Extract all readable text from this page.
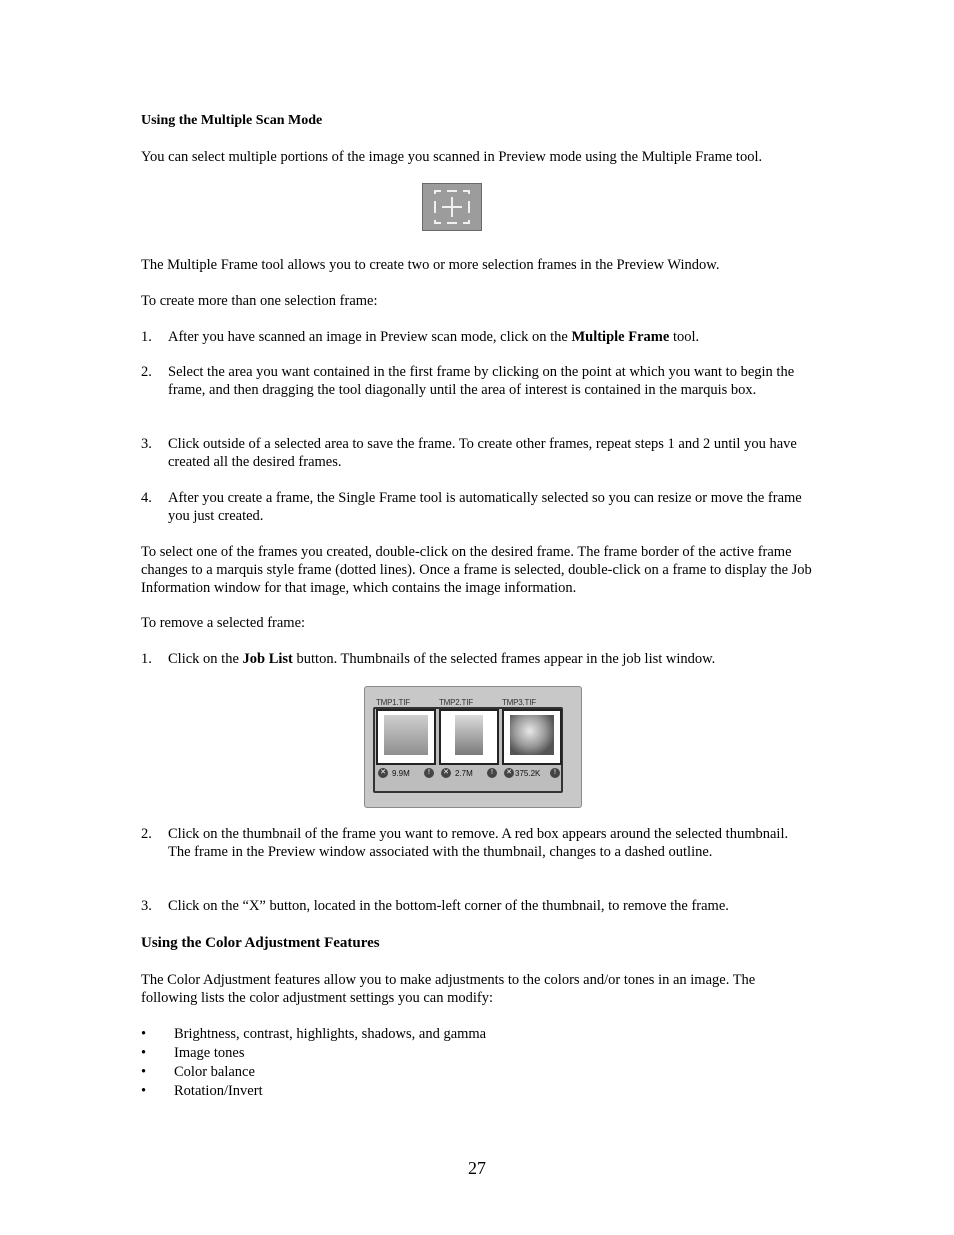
Using the Multiple Scan Mode
You can select multiple portions of the image you scanned in Preview mode using the Multiple Frame tool.
The Multiple Frame tool allows you to create two or more selection frames in the Preview Window.
To create more than one selection frame:
1.	After you have scanned an image in Preview scan mode, click on the Multiple Frame tool.
2.	Select the area you want contained in the first frame by clicking on the point at which you want to begin the frame, and then dragging the tool diagonally until the area of interest is contained in the marquis box.
3.	Click outside of a selected area to save the frame. To create other frames, repeat steps 1 and 2 until you have created all the desired frames.
4.	After you create a frame, the Single Frame tool is automatically selected so you can resize or move the frame you just created.
To select one of the frames you created, double-click on the desired frame. The frame border of the active frame changes to a marquis style frame (dotted lines). Once a frame is selected, double-click on a frame to display the Job Information window for that image, which contains the image information.
To remove a selected frame:
1.	Click on the Job List button. Thumbnails of the selected frames appear in the job list window.
TMP1.TIF	TMP2.TIF	TMP3.TIF
✕ 9.9M	!	✕ 2.7M	!	✕ 375.2K	!
2.	Click on the thumbnail of the frame you want to remove. A red box appears around the selected thumbnail. The frame in the Preview window associated with the thumbnail, changes to a dashed outline.
3.	Click on the “X” button, located in the bottom-left corner of the thumbnail, to remove the frame.
Using the Color Adjustment Features
The Color Adjustment features allow you to make adjustments to the colors and/or tones in an image. The following lists the color adjustment settings you can modify:
• Brightness, contrast, highlights, shadows, and gamma
• Image tones
• Color balance
• Rotation/Invert
27
